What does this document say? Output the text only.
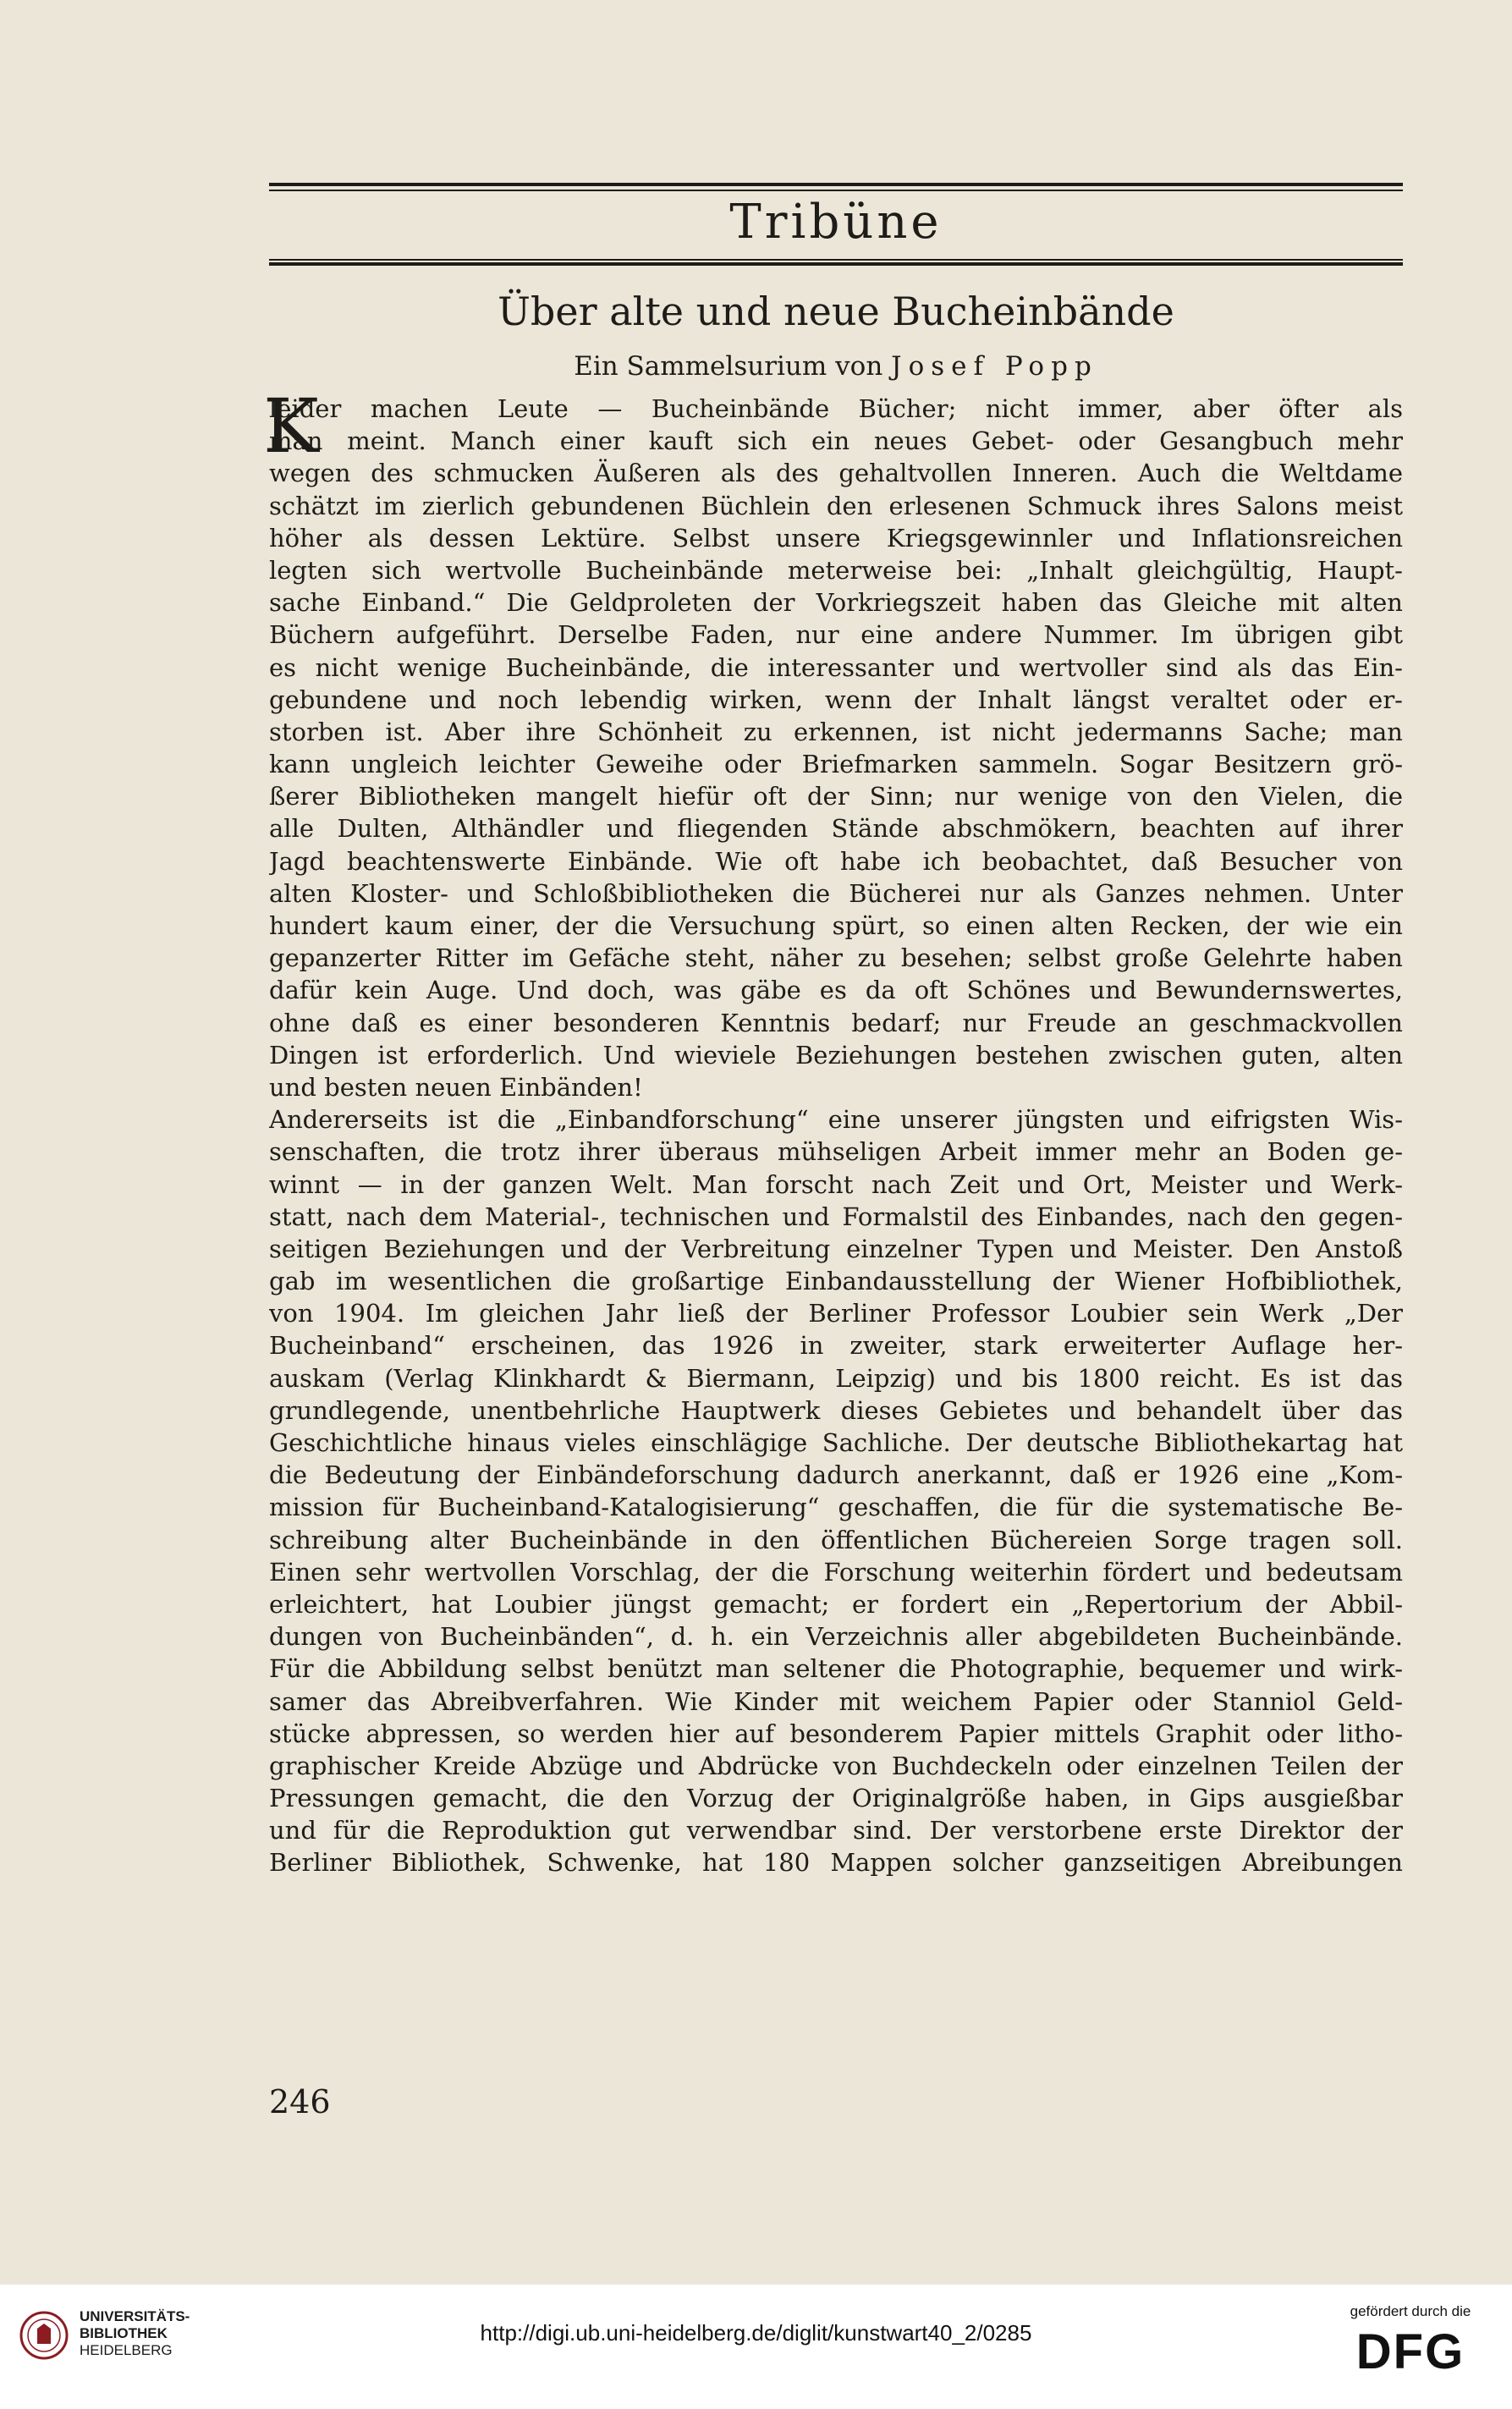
Tribüne
Über alte und neue Bucheinbände
Ein Sammelsurium von Josef Popp
K
leider machen Leute — Bucheinbände Bücher; nicht immer, aber öfter als
man meint. Manch einer kauft sich ein neues Gebet- oder Gesangbuch mehr
wegen des schmucken Äußeren als des gehaltvollen Inneren. Auch die Weltdame
schätzt im zierlich gebundenen Büchlein den erlesenen Schmuck ihres Salons meist
höher als dessen Lektüre. Selbst unsere Kriegsgewinnler und Inflationsreichen
legten sich wertvolle Bucheinbände meterweise bei: „Inhalt gleichgültig, Haupt-
sache Einband.“ Die Geldproleten der Vorkriegszeit haben das Gleiche mit alten
Büchern aufgeführt. Derselbe Faden, nur eine andere Nummer. Im übrigen gibt
es nicht wenige Bucheinbände, die interessanter und wertvoller sind als das Ein-
gebundene und noch lebendig wirken, wenn der Inhalt längst veraltet oder er-
storben ist. Aber ihre Schönheit zu erkennen, ist nicht jedermanns Sache; man
kann ungleich leichter Geweihe oder Briefmarken sammeln. Sogar Besitzern grö-
ßerer Bibliotheken mangelt hiefür oft der Sinn; nur wenige von den Vielen, die
alle Dulten, Althändler und fliegenden Stände abschmökern, beachten auf ihrer
Jagd beachtenswerte Einbände. Wie oft habe ich beobachtet, daß Besucher von
alten Kloster- und Schloßbibliotheken die Bücherei nur als Ganzes nehmen. Unter
hundert kaum einer, der die Versuchung spürt, so einen alten Recken, der wie ein
gepanzerter Ritter im Gefäche steht, näher zu besehen; selbst große Gelehrte haben
dafür kein Auge. Und doch, was gäbe es da oft Schönes und Bewundernswertes,
ohne daß es einer besonderen Kenntnis bedarf; nur Freude an geschmackvollen
Dingen ist erforderlich. Und wieviele Beziehungen bestehen zwischen guten, alten
und besten neuen Einbänden!
Andererseits ist die „Einbandforschung“ eine unserer jüngsten und eifrigsten Wis-
senschaften, die trotz ihrer überaus mühseligen Arbeit immer mehr an Boden ge-
winnt — in der ganzen Welt. Man forscht nach Zeit und Ort, Meister und Werk-
statt, nach dem Material-, technischen und Formalstil des Einbandes, nach den gegen-
seitigen Beziehungen und der Verbreitung einzelner Typen und Meister. Den Anstoß
gab im wesentlichen die großartige Einbandausstellung der Wiener Hofbibliothek,
von 1904. Im gleichen Jahr ließ der Berliner Professor Loubier sein Werk „Der
Bucheinband“ erscheinen, das 1926 in zweiter, stark erweiterter Auflage her-
auskam (Verlag Klinkhardt & Biermann, Leipzig) und bis 1800 reicht. Es ist das
grundlegende, unentbehrliche Hauptwerk dieses Gebietes und behandelt über das
Geschichtliche hinaus vieles einschlägige Sachliche. Der deutsche Bibliothekartag hat
die Bedeutung der Einbändeforschung dadurch anerkannt, daß er 1926 eine „Kom-
mission für Bucheinband-Katalogisierung“ geschaffen, die für die systematische Be-
schreibung alter Bucheinbände in den öffentlichen Büchereien Sorge tragen soll.
Einen sehr wertvollen Vorschlag, der die Forschung weiterhin fördert und bedeutsam
erleichtert, hat Loubier jüngst gemacht; er fordert ein „Repertorium der Abbil-
dungen von Bucheinbänden“, d. h. ein Verzeichnis aller abgebildeten Bucheinbände.
Für die Abbildung selbst benützt man seltener die Photographie, bequemer und wirk-
samer das Abreibverfahren. Wie Kinder mit weichem Papier oder Stanniol Geld-
stücke abpressen, so werden hier auf besonderem Papier mittels Graphit oder litho-
graphischer Kreide Abzüge und Abdrücke von Buchdeckeln oder einzelnen Teilen der
Pressungen gemacht, die den Vorzug der Originalgröße haben, in Gips ausgießbar
und für die Reproduktion gut verwendbar sind. Der verstorbene erste Direktor der
Berliner Bibliothek, Schwenke, hat 180 Mappen solcher ganzseitigen Abreibungen
246
UNIVERSITÄTS-
BIBLIOTHEK
HEIDELBERG
http://digi.ub.uni-heidelberg.de/diglit/kunstwart40_2/0285
gefördert durch die
DFG
